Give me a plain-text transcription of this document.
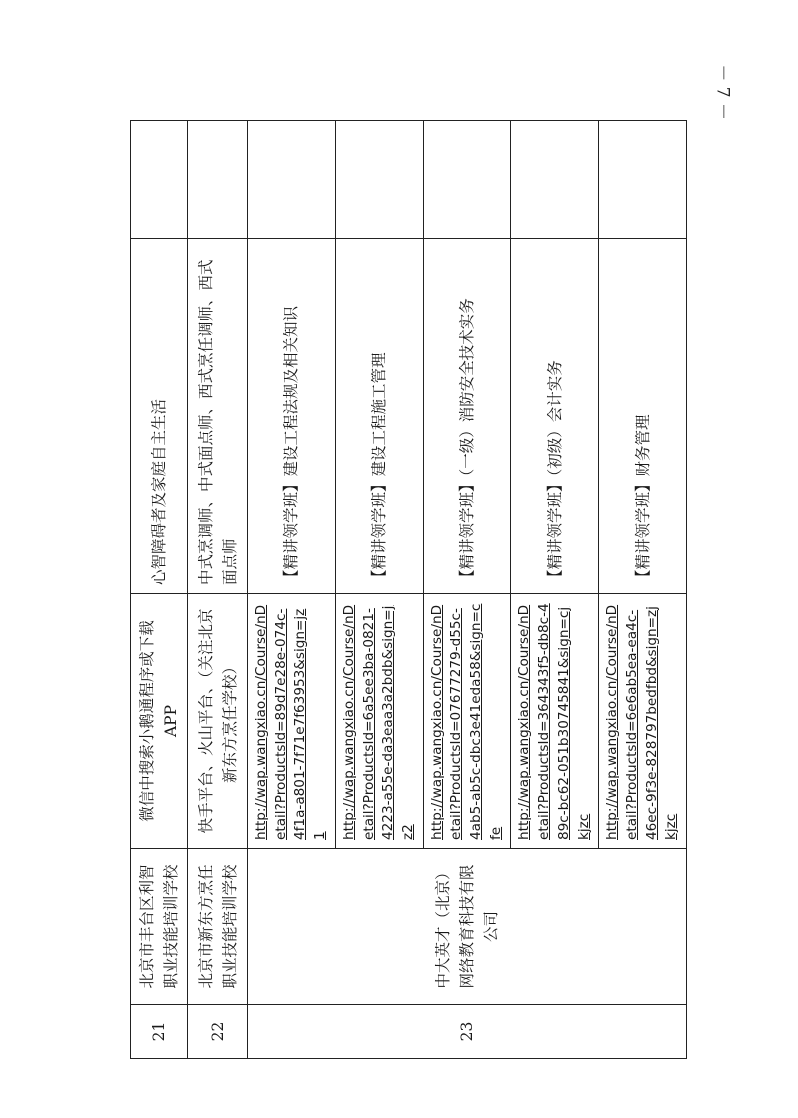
－ 7 －
21	北京市丰台区利智职业技能培训学校	微信中搜索小鹅通程序或下载 APP	心智障碍者及家庭自主生活	
22	北京市新东方烹任职业技能培训学校	快手平台、火山平台、（关注北京新东方烹任学校）	中式烹调师、中式面点师、西式烹任调师、西式面点师	
23	中大英才（北京）网络教育科技有限公司	http://wap.wangxiao.cn/Course/nDetail?ProductsId=89d7e28e-074c-4f1a-a801-7f71e7f63953&sign=jz1	【精讲领学班】建设工程法规及相关知识	

		http://wap.wangxiao.cn/Course/nDetail?ProductsId=6a5ee3ba-0821-4223-a55e-da3eaa3a2bdb&sign=jz2	【精讲领学班】建设工程施工管理	

		http://wap.wangxiao.cn/Course/nDetail?ProductsId=07677279-d55c-4ab5-ab5c-dbc3e41eda58&sign=cfe	【精讲领学班】（一级）消防安全技术实务	

		http://wap.wangxiao.cn/Course/nDetail?ProductsId=364343f5-db8c-489c-bc62-051b30745841&sign=cjkjzc	【精讲领学班】（初级）会计实务	

		http://wap.wangxiao.cn/Course/nDetail?ProductsId=6e6ab5ea-ea4c-46ec-9f3e-828797bedfbd&sign=zjkjzc	【精讲领学班】财务管理	
